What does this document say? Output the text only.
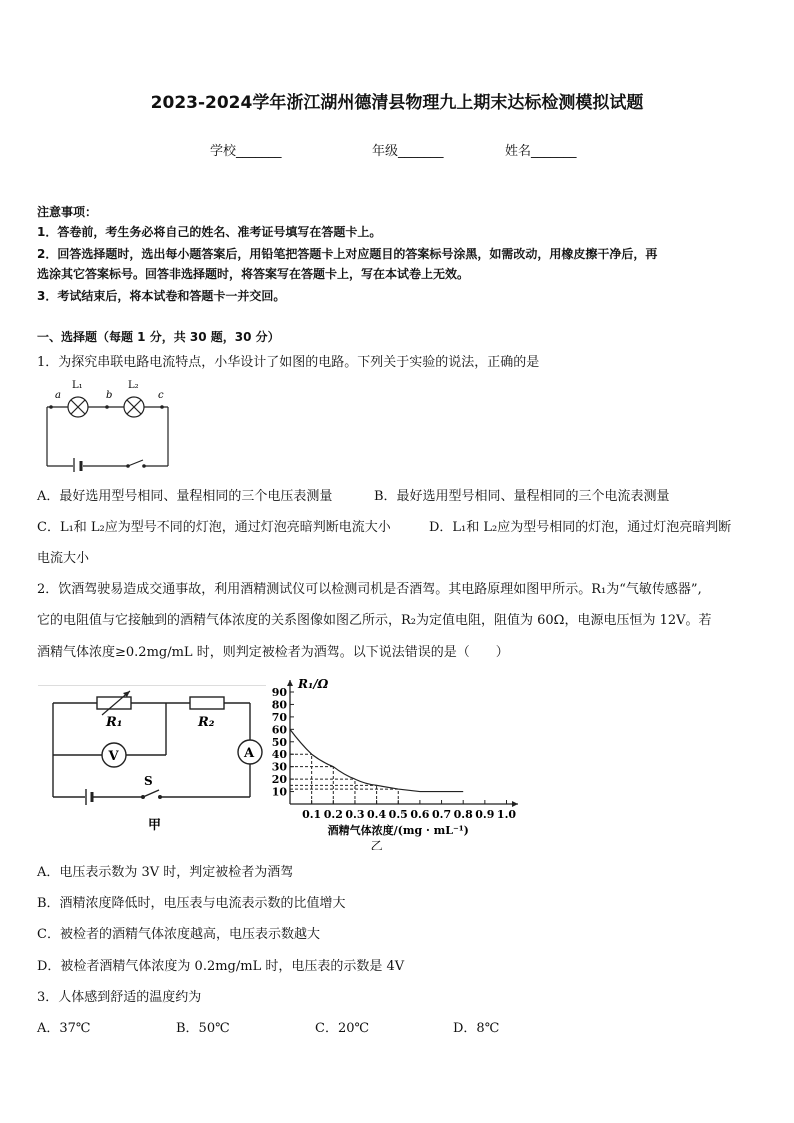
2023-2024学年浙江湖州德清县物理九上期末达标检测模拟试题
学校_______	年级_______	姓名_______
注意事项：
1．答卷前，考生务必将自己的姓名、准考证号填写在答题卡上。
2．回答选择题时，选出每小题答案后，用铅笔把答题卡上对应题目的答案标号涂黑，如需改动，用橡皮擦干净后，再
选涂其它答案标号。回答非选择题时，将答案写在答题卡上，写在本试卷上无效。
3．考试结束后，将本试卷和答题卡一并交回。
一、选择题（每题 1 分，共 30 题，30 分）
1．为探究串联电路电流特点，小华设计了如图的电路。下列关于实验的说法，正确的是
a	b	c
L₁	L₂
A．最好选用型号相同、量程相同的三个电压表测量	B．最好选用型号相同、量程相同的三个电流表测量
C．L₁和 L₂应为型号不同的灯泡，通过灯泡亮暗判断电流大小	D．L₁和 L₂应为型号相同的灯泡，通过灯泡亮暗判断
电流大小
2．饮酒驾驶易造成交通事故，利用酒精测试仪可以检测司机是否酒驾。其电路原理如图甲所示。R₁为“气敏传感器”,
它的电阻值与它接触到的酒精气体浓度的关系图像如图乙所示，R₂为定值电阻，阻值为 60Ω，电源电压恒为 12V。若
酒精气体浓度≥0.2mg/mL 时，则判定被检者为酒驾。以下说法错误的是（　　）
V	A
R₁	R₂
S
甲
10
20
30
40
50
60
70
80
90
0.1 0.2 0.3 0.4 0.5 0.6 0.7 0.8 0.9 1.0
R₁/Ω
酒精气体浓度/(mg · mL⁻¹)
乙
A．电压表示数为 3V 时，判定被检者为酒驾
B．酒精浓度降低时，电压表与电流表示数的比值增大
C．被检者的酒精气体浓度越高，电压表示数越大
D．被检者酒精气体浓度为 0.2mg/mL 时，电压表的示数是 4V
3．人体感到舒适的温度约为
A．37℃	B．50℃	C．20℃	D．8℃
